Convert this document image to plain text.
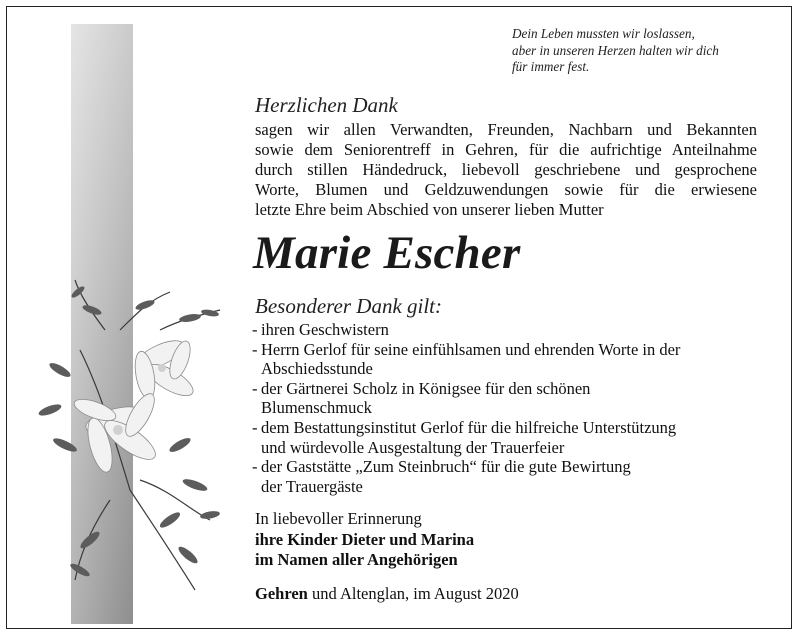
Dein Leben mussten wir loslassen,
aber in unseren Herzen halten wir dich
für immer fest.
Herzlichen Dank
sagen wir allen Verwandten, Freunden, Nachbarn und Bekannten
sowie dem Seniorentreff in Gehren, für die aufrichtige Anteilnahme
durch stillen Händedruck, liebevoll geschriebene und gesprochene
Worte, Blumen und Geldzuwendungen sowie für die erwiesene
letzte Ehre beim Abschied von unserer lieben Mutter
Marie Escher
Besonderer Dank gilt:
- ihren Geschwistern
- Herrn Gerlof für seine einfühlsamen und ehrenden Worte in der
Abschiedsstunde
- der Gärtnerei Scholz in Königsee für den schönen
Blumenschmuck
- dem Bestattungsinstitut Gerlof für die hilfreiche Unterstützung
und würdevolle Ausgestaltung der Trauerfeier
- der Gaststätte „Zum Steinbruch“ für die gute Bewirtung
der Trauergäste
In liebevoller Erinnerung
ihre Kinder Dieter und Marina
im Namen aller Angehörigen
Gehren und Altenglan, im August 2020
